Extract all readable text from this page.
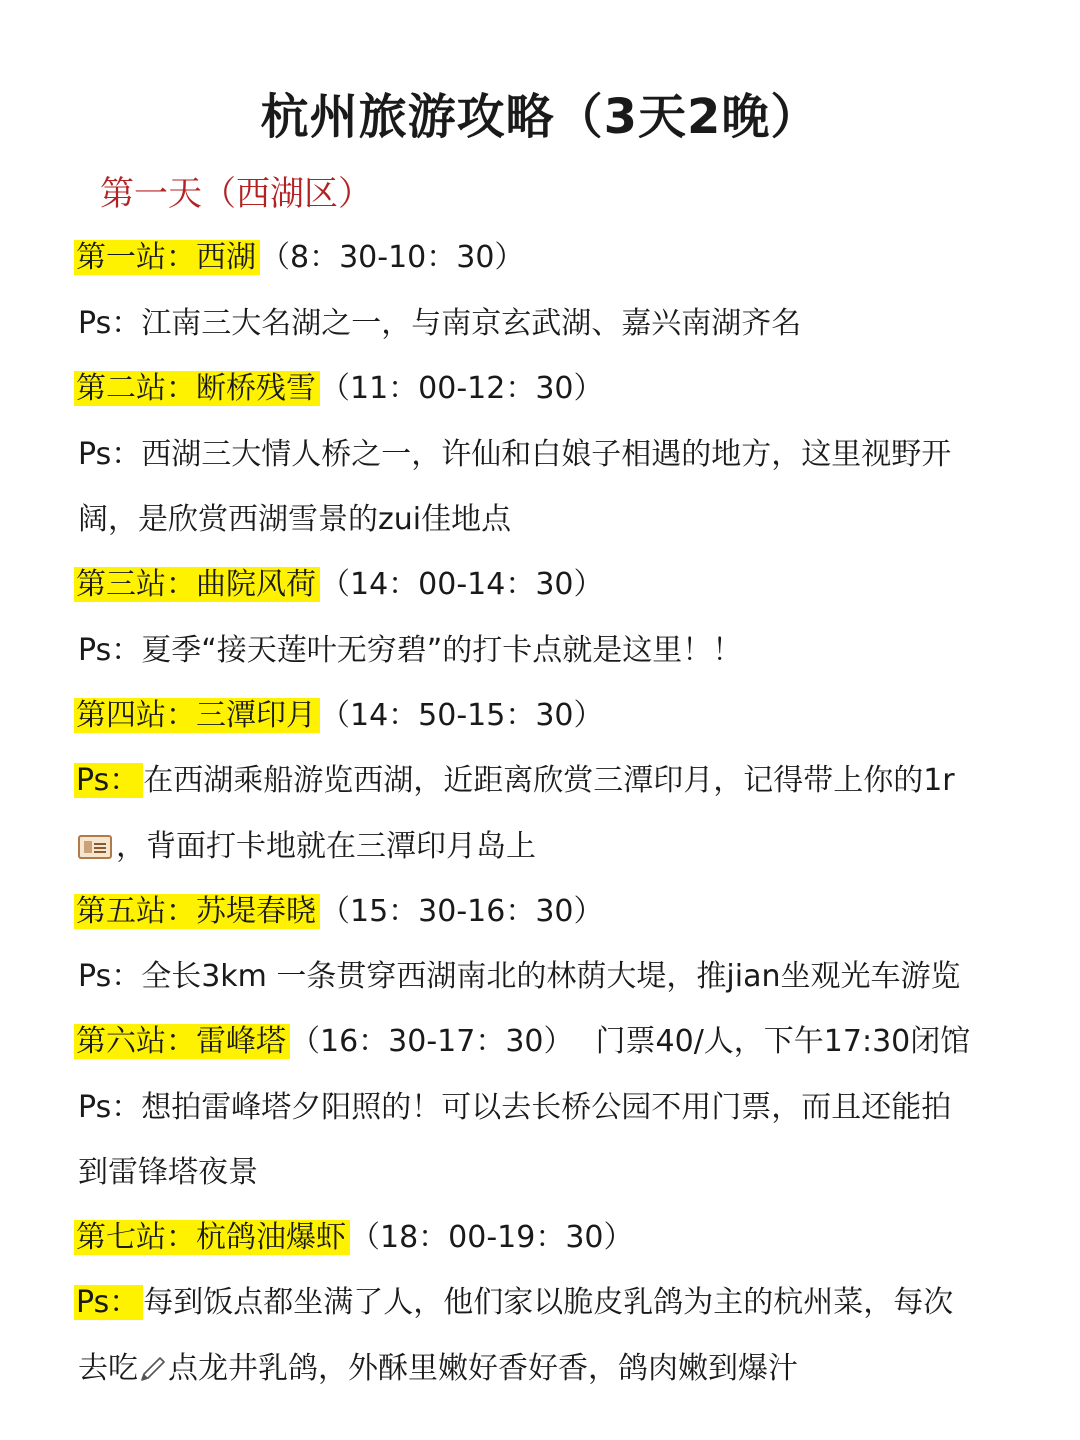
杭州旅游攻略（3天2晚）
第一天（西湖区）
第一站：西湖 （8：30-10：30）
Ps：江南三大名湖之一，与南京玄武湖、嘉兴南湖齐名
第二站：断桥残雪 （11：00-12：30）
Ps：西湖三大情人桥之一，许仙和白娘子相遇的地方，这里视野开
阔，是欣赏西湖雪景的zui佳地点
第三站：曲院风荷 （14：00-14：30）
Ps：夏季“接天莲叶无穷碧”的打卡点就是这里！！
第四站：三潭印月 （14：50-15：30）
Ps： 在西湖乘船游览西湖，近距离欣赏三潭印月，记得带上你的1r
，背面打卡地就在三潭印月岛上
第五站：苏堤春晓 （15：30-16：30）
Ps：全长3km 一条贯穿西湖南北的林荫大堤，推jian坐观光车游览
第六站：雷峰塔 （16：30-17：30） 门票40/人，下午17:30闭馆
Ps：想拍雷峰塔夕阳照的！可以去长桥公园不用门票，而且还能拍
到雷锋塔夜景
第七站：杭鸽油爆虾 （18：00-19：30）
Ps： 每到饭点都坐满了人，他们家以脆皮乳鸽为主的杭州菜，每次
去吃 点龙井乳鸽，外酥里嫩好香好香，鸽肉嫩到爆汁
